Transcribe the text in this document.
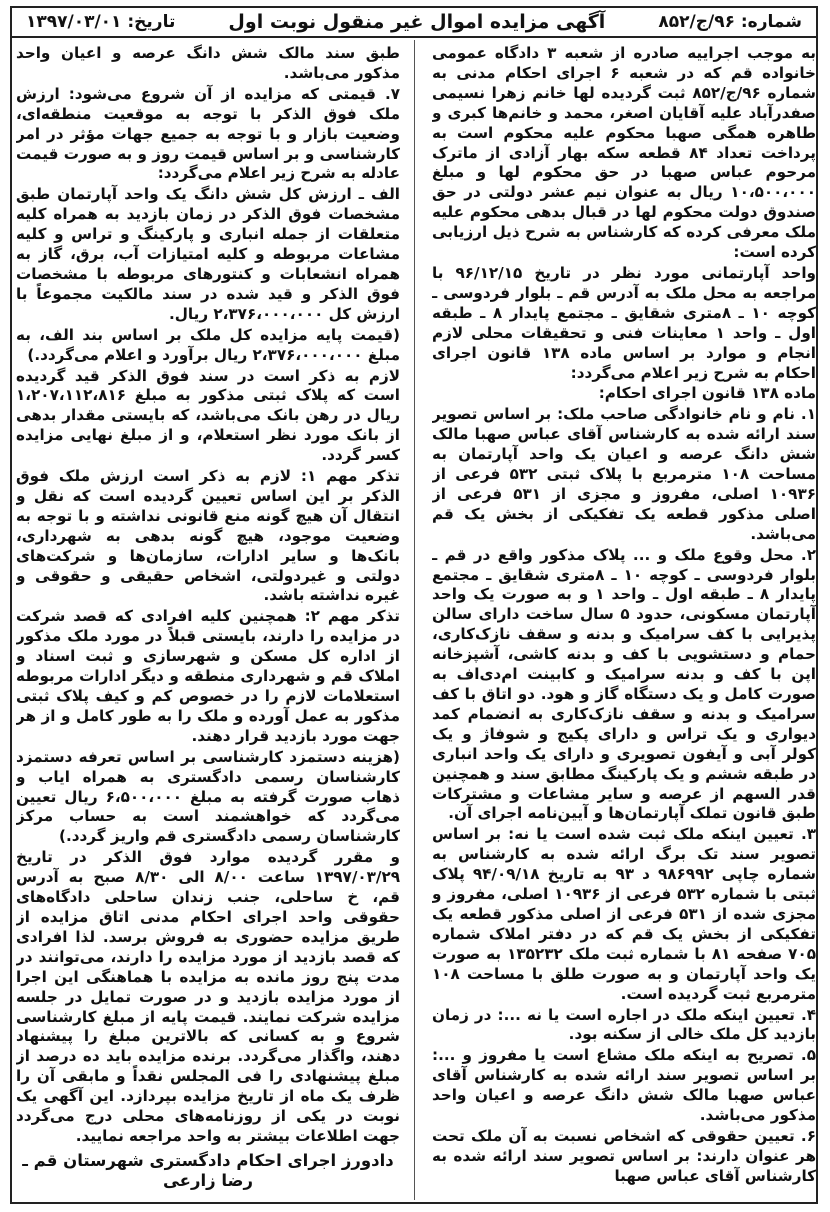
تاریخ: ۱۳۹۷/۰۳/۰۱	آگهی مزایده اموال غیر منقول نوبت اول	شماره: ۹۶/ج/۸۵۲

به موجب اجراییه صادره از شعبه ۳ دادگاه عمومی خانواده قم که در شعبه ۶ اجرای احکام مدنی به شماره ۹۶/ج/۸۵۲ ثبت گردیده لها خانم زهرا نسیمی صفدرآباد علیه آقایان اصغر، محمد و خانم‌ها کبری و طاهره همگی صهبا محکوم علیه محکوم است به پرداخت تعداد ۸۴ قطعه سکه بهار آزادی از ماترک مرحوم عباس صهبا در حق محکوم لها و مبلغ ۱۰،۵۰۰،۰۰۰ ریال به عنوان نیم عشر دولتی در حق صندوق دولت محکوم لها در قبال بدهی محکوم علیه ملک معرفی کرده که کارشناس به شرح ذیل ارزیابی کرده است:

واحد آپارتمانی مورد نظر در تاریخ ۹۶/۱۲/۱۵ با مراجعه به محل ملک به آدرس قم ـ بلوار فردوسی ـ کوچه ۱۰ ـ ۸متری شقایق ـ مجتمع پایدار ۸ ـ طبقه اول ـ واحد ۱ معاینات فنی و تحقیقات محلی لازم انجام و موارد بر اساس ماده ۱۳۸ قانون اجرای احکام به شرح زیر اعلام می‌گردد:

ماده ۱۳۸ قانون اجرای احکام:

۱. نام و نام خانوادگی صاحب ملک: بر اساس تصویر سند ارائه شده به کارشناس آقای عباس صهبا مالک شش دانگ عرصه و اعیان یک واحد آپارتمان به مساحت ۱۰۸ مترمربع با پلاک ثبتی ۵۳۲ فرعی از ۱۰۹۳۶ اصلی، مفروز و مجزی از ۵۳۱ فرعی از اصلی مذکور قطعه یک تفکیکی از بخش یک قم می‌باشد.

۲. محل وقوع ملک و ... پلاک مذکور واقع در قم ـ بلوار فردوسی ـ کوچه ۱۰ ـ ۸متری شقایق ـ مجتمع پایدار ۸ ـ طبقه اول ـ واحد ۱ و به صورت یک واحد آپارتمان مسکونی، حدود ۵ سال ساخت دارای سالن پذیرایی با کف سرامیک و بدنه و سقف نازک‌کاری، حمام و دستشویی با کف و بدنه کاشی، آشپزخانه اپن با کف و بدنه سرامیک و کابینت ام‌دی‌اف به صورت کامل و یک دستگاه گاز و هود. دو اتاق با کف سرامیک و بدنه و سقف نازک‌کاری به انضمام کمد دیواری و یک تراس و دارای پکیج و شوفاژ و یک کولر آبی و آیفون تصویری و دارای یک واحد انباری در طبقه ششم و یک پارکینگ مطابق سند و همچنین قدر السهم از عرصه و سایر مشاعات و مشترکات طبق قانون تملک آپارتمان‌ها و آیین‌نامه اجرای آن.

۳. تعیین اینکه ملک ثبت شده است یا نه: بر اساس تصویر سند تک برگ ارائه شده به کارشناس به شماره چاپی ۹۸۶۹۹۲ د ۹۳ به تاریخ ۹۴/۰۹/۱۸ پلاک ثبتی با شماره ۵۳۲ فرعی از ۱۰۹۳۶ اصلی، مفروز و مجزی شده از ۵۳۱ فرعی از اصلی مذکور قطعه یک تفکیکی از بخش یک قم که در دفتر املاک شماره ۷۰۵ صفحه ۸۱ با شماره ثبت ملک ۱۳۵۲۳۲ به صورت یک واحد آپارتمان و به صورت طلق با مساحت ۱۰۸ مترمربع ثبت گردیده است.

۴. تعیین اینکه ملک در اجاره است یا نه ...: در زمان بازدید کل ملک خالی از سکنه بود.

۵. تصریح به اینکه ملک مشاع است یا مفروز و ...: بر اساس تصویر سند ارائه شده به کارشناس آقای عباس صهبا مالک شش دانگ عرصه و اعیان واحد مذکور می‌باشد.

۶. تعیین حقوقی که اشخاص نسبت به آن ملک تحت هر عنوان دارند: بر اساس تصویر سند ارائه شده به کارشناس آقای عباس صهبا

طبق سند مالک شش دانگ عرصه و اعیان واحد مذکور می‌باشد.

۷. قیمتی که مزایده از آن شروع می‌شود: ارزش ملک فوق الذکر با توجه به موقعیت منطقه‌ای، وضعیت بازار و با توجه به جمیع جهات مؤثر در امر کارشناسی و بر اساس قیمت روز و به صورت قیمت عادله به شرح زیر اعلام می‌گردد:

الف ـ ارزش کل شش دانگ یک واحد آپارتمان طبق مشخصات فوق الذکر در زمان بازدید به همراه کلیه متعلقات از جمله انباری و پارکینگ و تراس و کلیه مشاعات مربوطه و کلیه امتیازات آب، برق، گاز به همراه انشعابات و کنتورهای مربوطه با مشخصات فوق الذکر و قید شده در سند مالکیت مجموعاً با ارزش کل ۲،۳۷۶،۰۰۰،۰۰۰ ریال.

(قیمت پایه مزایده کل ملک بر اساس بند الف، به مبلغ ۲،۳۷۶،۰۰۰،۰۰۰ ریال برآورد و اعلام می‌گردد.)

لازم به ذکر است در سند فوق الذکر قید گردیده است که پلاک ثبتی مذکور به مبلغ ۱،۲۰۷،۱۱۲،۸۱۶ ریال در رهن بانک می‌باشد، که بایستی مقدار بدهی از بانک مورد نظر استعلام، و از مبلغ نهایی مزایده کسر گردد.

تذکر مهم ۱: لازم به ذکر است ارزش ملک فوق الذکر بر این اساس تعیین گردیده است که نقل و انتقال آن هیچ گونه منع قانونی نداشته و با توجه به وضعیت موجود، هیچ گونه بدهی به شهرداری، بانک‌ها و سایر ادارات، سازمان‌ها و شرکت‌های دولتی و غیردولتی، اشخاص حقیقی و حقوقی و غیره نداشته باشد.

تذکر مهم ۲: همچنین کلیه افرادی که قصد شرکت در مزایده را دارند، بایستی قبلاً در مورد ملک مذکور از اداره کل مسکن و شهرسازی و ثبت اسناد و املاک قم و شهرداری منطقه و دیگر ادارات مربوطه استعلامات لازم را در خصوص کم و کیف پلاک ثبتی مذکور به عمل آورده و ملک را به طور کامل و از هر جهت مورد بازدید قرار دهند.

(هزینه دستمزد کارشناسی بر اساس تعرفه دستمزد کارشناسان رسمی دادگستری به همراه ایاب و ذهاب صورت گرفته به مبلغ ۶،۵۰۰،۰۰۰ ریال تعیین می‌گردد که خواهشمند است به حساب مرکز کارشناسان رسمی دادگستری قم واریز گردد.)

و مقرر گردیده موارد فوق الذکر در تاریخ ۱۳۹۷/۰۳/۲۹ ساعت ۸/۰۰ الی ۸/۳۰ صبح به آدرس قم، خ ساحلی، جنب زندان ساحلی دادگاه‌های حقوقی واحد اجرای احکام مدنی اتاق مزایده از طریق مزایده حضوری به فروش برسد. لذا افرادی که قصد بازدید از مورد مزایده را دارند، می‌توانند در مدت پنج روز مانده به مزایده با هماهنگی این اجرا از مورد مزایده بازدید و در صورت تمایل در جلسه مزایده شرکت نمایند. قیمت پایه از مبلغ کارشناسی شروع و به کسانی که بالاترین مبلغ را پیشنهاد دهند، واگذار می‌گردد. برنده مزایده باید ده درصد از مبلغ پیشنهادی را فی المجلس نقداً و مابقی آن را ظرف یک ماه از تاریخ مزایده بپردازد. این آگهی یک نوبت در یکی از روزنامه‌های محلی درج می‌گردد جهت اطلاعات بیشتر به واحد مراجعه نمایید.

دادورز اجرای احکام دادگستری شهرستان قم ـ رضا زارعی
